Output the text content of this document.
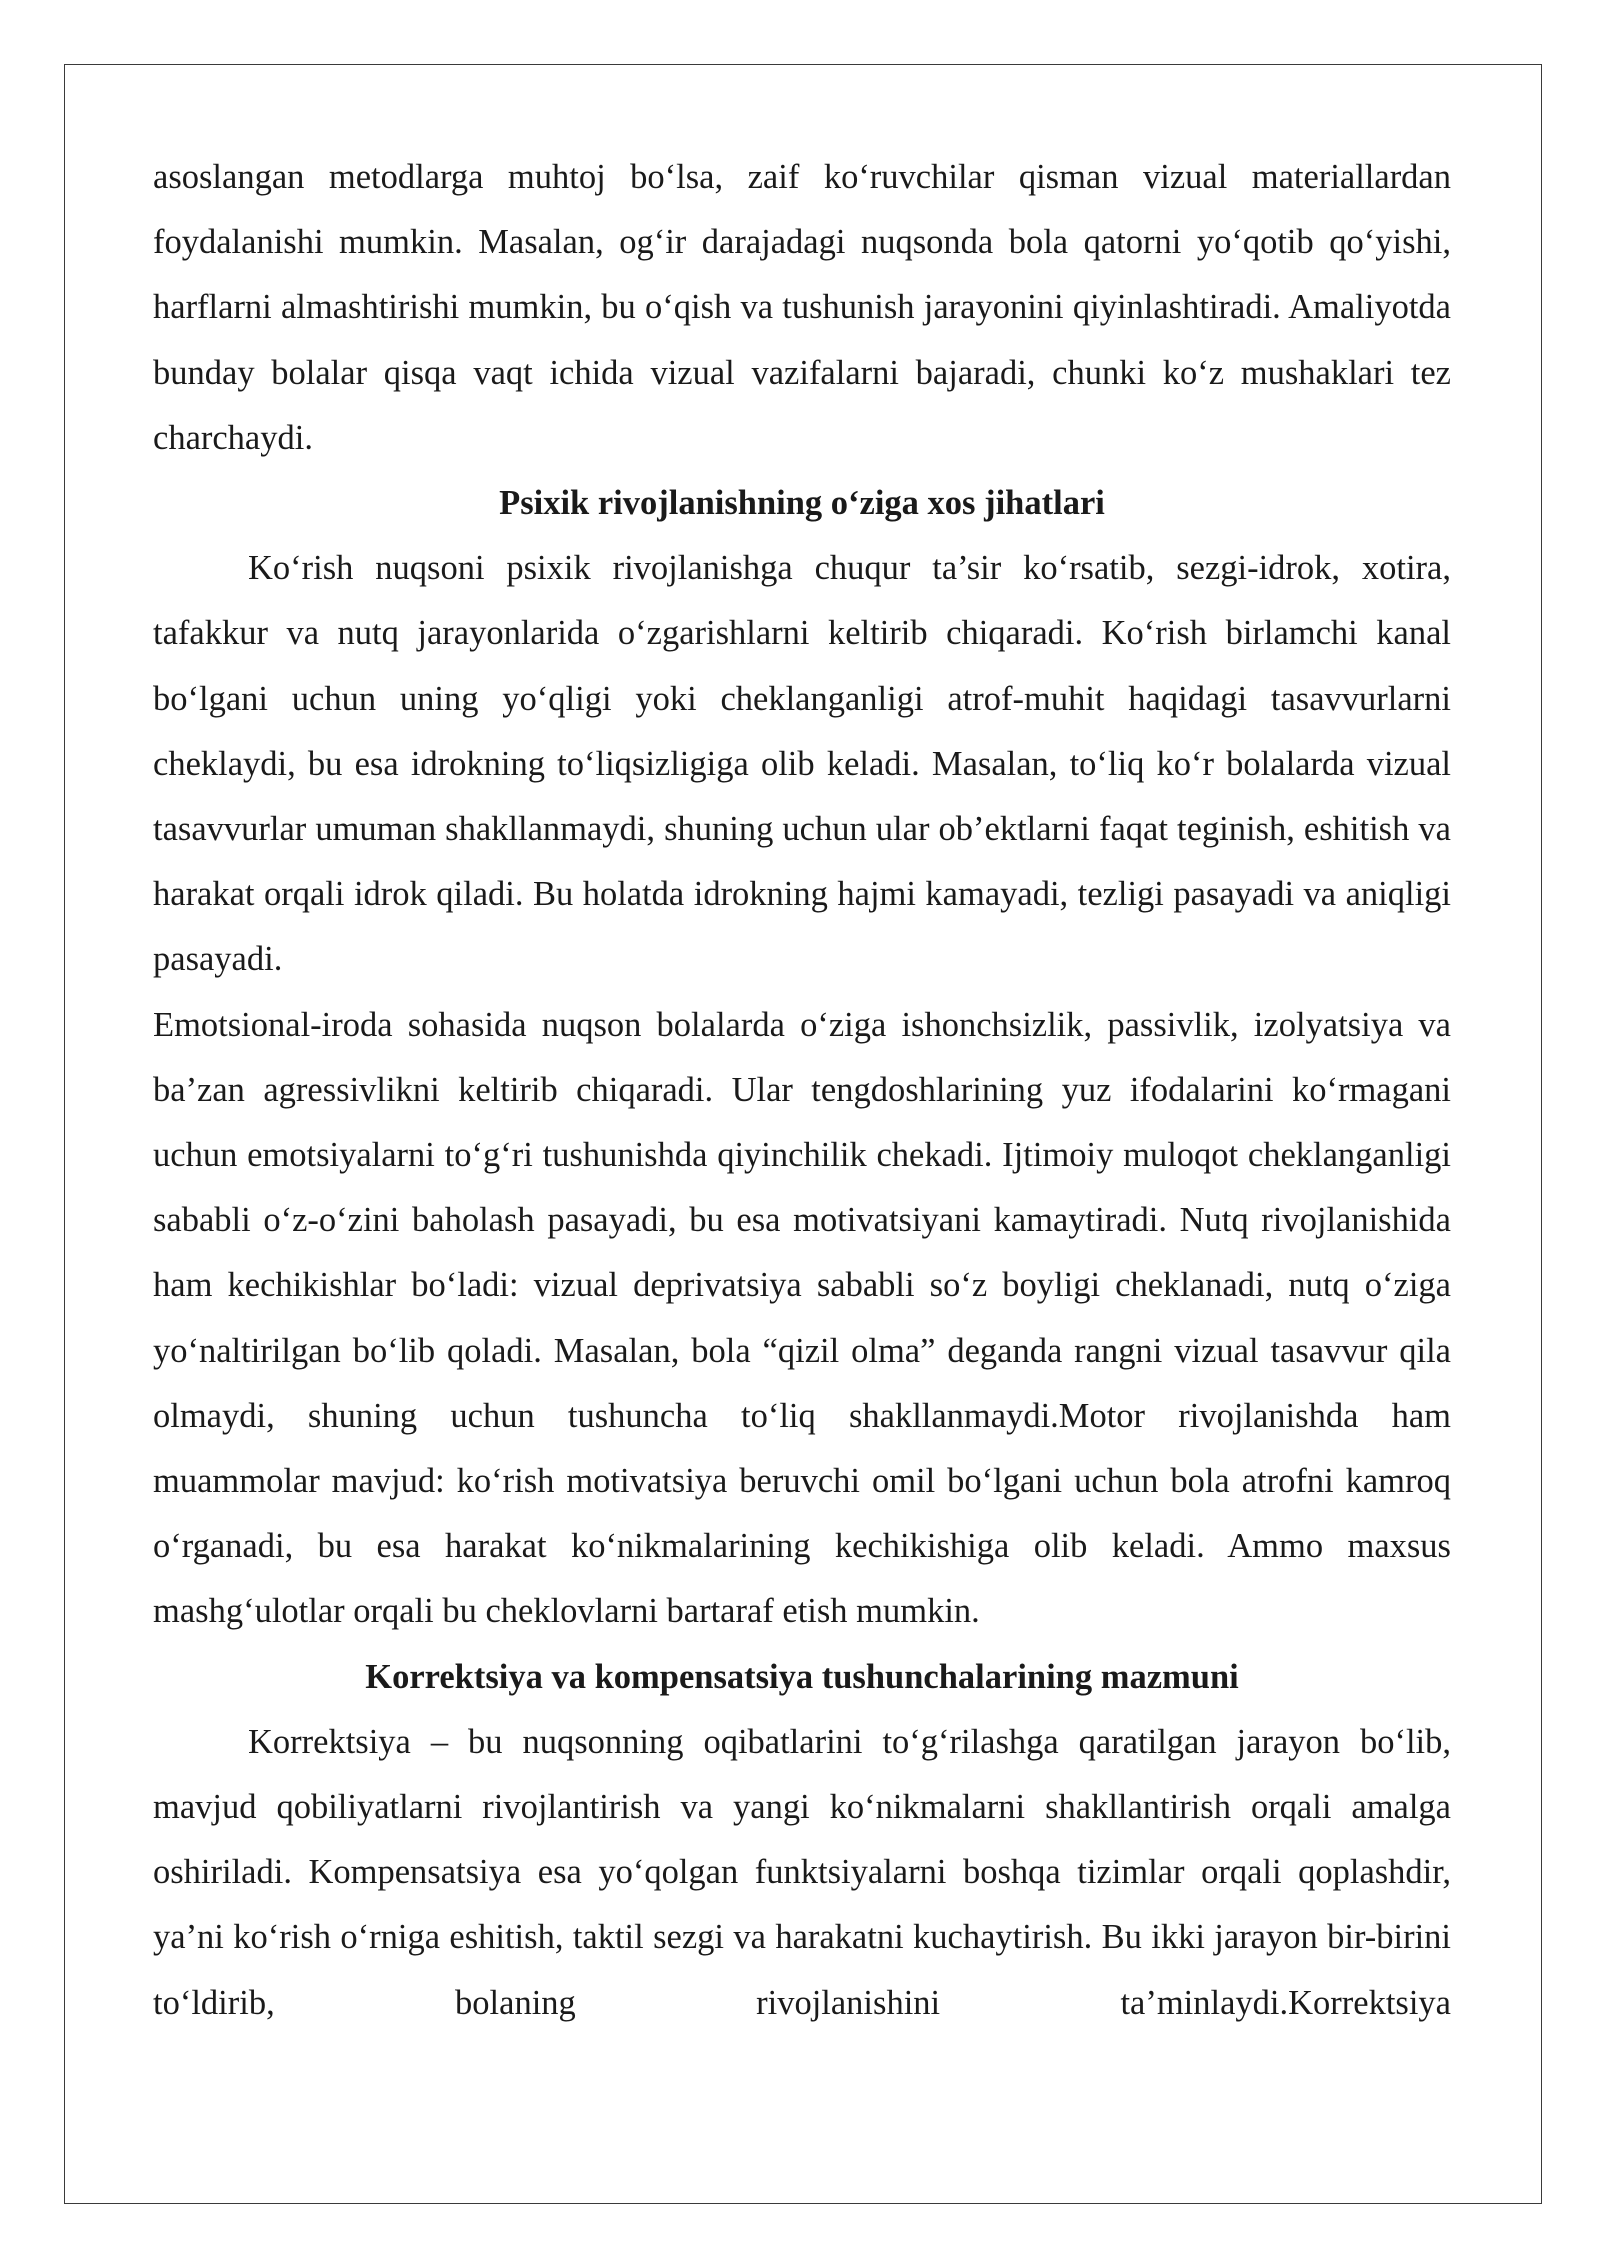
asoslangan metodlarga muhtoj bo‘lsa, zaif ko‘ruvchilar qisman vizual materiallardan foydalanishi mumkin. Masalan, og‘ir darajadagi nuqsonda bola qatorni yo‘qotib qo‘yishi, harflarni almashtirishi mumkin, bu o‘qish va tushunish jarayonini qiyinlashtiradi. Amaliyotda bunday bolalar qisqa vaqt ichida vizual vazifalarni bajaradi, chunki ko‘z mushaklari tez charchaydi.

Psixik rivojlanishning o‘ziga xos jihatlari

Ko‘rish nuqsoni psixik rivojlanishga chuqur ta’sir ko‘rsatib, sezgi-idrok, xotira, tafakkur va nutq jarayonlarida o‘zgarishlarni keltirib chiqaradi. Ko‘rish birlamchi kanal bo‘lgani uchun uning yo‘qligi yoki cheklanganligi atrof-muhit haqidagi tasavvurlarni cheklaydi, bu esa idrokning to‘liqsizligiga olib keladi. Masalan, to‘liq ko‘r bolalarda vizual tasavvurlar umuman shakllanmaydi, shuning uchun ular ob’ektlarni faqat teginish, eshitish va harakat orqali idrok qiladi. Bu holatda idrokning hajmi kamayadi, tezligi pasayadi va aniqligi pasayadi.

Emotsional-iroda sohasida nuqson bolalarda o‘ziga ishonchsizlik, passivlik, izolyatsiya va ba’zan agressivlikni keltirib chiqaradi. Ular tengdoshlarining yuz ifodalarini ko‘rmagani uchun emotsiyalarni to‘g‘ri tushunishda qiyinchilik chekadi. Ijtimoiy muloqot cheklanganligi sababli o‘z-o‘zini baholash pasayadi, bu esa motivatsiyani kamaytiradi. Nutq rivojlanishida ham kechikishlar bo‘ladi: vizual deprivatsiya sababli so‘z boyligi cheklanadi, nutq o‘ziga yo‘naltirilgan bo‘lib qoladi. Masalan, bola “qizil olma” deganda rangni vizual tasavvur qila olmaydi, shuning uchun tushuncha to‘liq shakllanmaydi.Motor rivojlanishda ham muammolar mavjud: ko‘rish motivatsiya beruvchi omil bo‘lgani uchun bola atrofni kamroq o‘rganadi, bu esa harakat ko‘nikmalarining kechikishiga olib keladi. Ammo maxsus mashg‘ulotlar orqali bu cheklovlarni bartaraf etish mumkin.

Korrektsiya va kompensatsiya tushunchalarining mazmuni

Korrektsiya – bu nuqsonning oqibatlarini to‘g‘rilashga qaratilgan jarayon bo‘lib, mavjud qobiliyatlarni rivojlantirish va yangi ko‘nikmalarni shakllantirish orqali amalga oshiriladi. Kompensatsiya esa yo‘qolgan funktsiyalarni boshqa tizimlar orqali qoplashdir, ya’ni ko‘rish o‘rniga eshitish, taktil sezgi va harakatni kuchaytirish. Bu ikki jarayon bir-birini to‘ldirib, bolaning rivojlanishini ta’minlaydi.Korrektsiya
